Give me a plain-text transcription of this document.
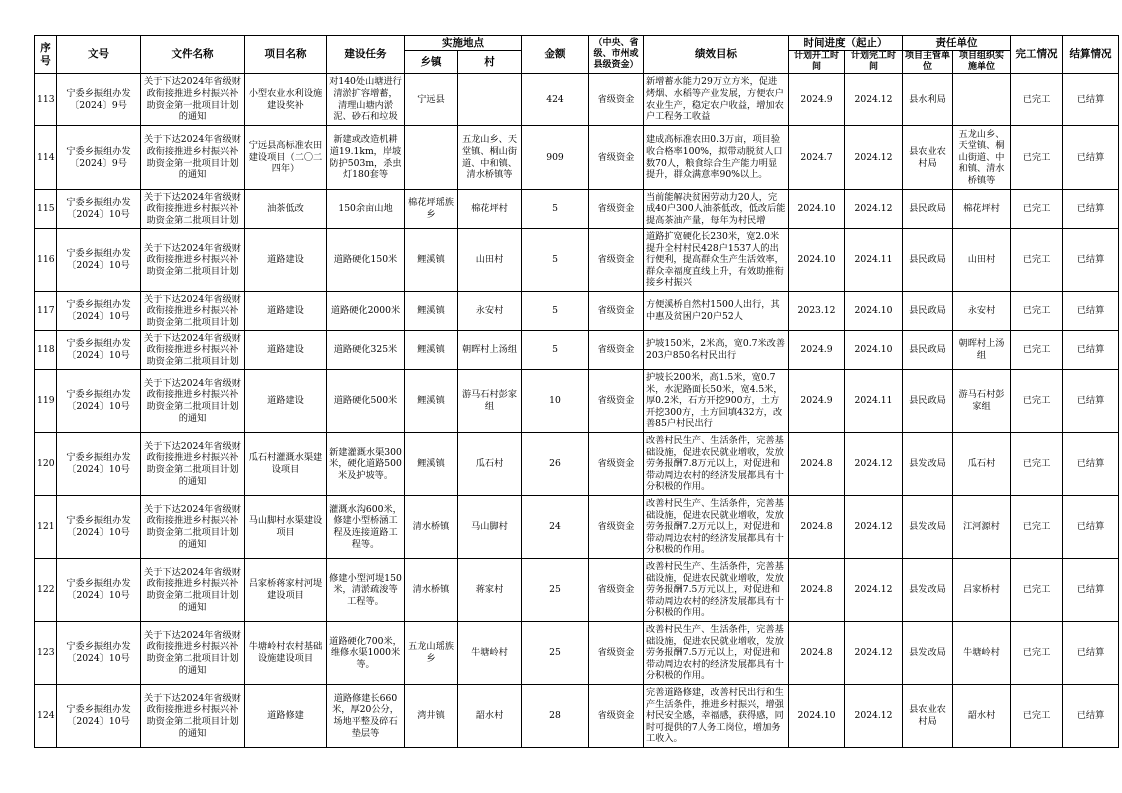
序号	文号	文件名称	项目名称	建设任务	实施地点		金额	（中央、省级、市州或县级资金）	绩效目标	时间进度（起止）		责任单位		完工情况	结算情况
					乡镇	村				计划开工时间	计划完工时间	项目主管单位	项目组织实施单位		
113	宁委乡振组办发〔2024〕9号	关于下达2024年省级财政衔接推进乡村振兴补助资金第一批项目计划的通知	小型农业水利设施建设奖补	对140处山塘进行清淤扩容增蓄，清理山塘内淤泥、砂石和垃圾	宁远县		424	省级资金	新增蓄水能力29万立方米，促进烤烟、水稻等产业发展，方便农户农业生产，稳定农户收益，增加农户工程务工收益	2024.9	2024.12	县水利局		已完工	已结算
114	宁委乡振组办发〔2024〕9号	关于下达2024年省级财政衔接推进乡村振兴补助资金第一批项目计划的通知	宁远县高标准农田建设项目（二〇二四年）	新建或改造机耕道19.1km，岸坡防护503m，杀虫灯180套等		五龙山乡、天堂镇、桐山街道、中和镇、清水桥镇等	909	省级资金	建成高标准农田0.3万亩，项目验收合格率100%，拟带动脱贫人口数70人，粮食综合生产能力明显提升，群众满意率90%以上。	2024.7	2024.12	县农业农村局	五龙山乡、天堂镇、桐山街道、中和镇、清水桥镇等	已完工	已结算
115	宁委乡振组办发〔2024〕10号	关于下达2024年省级财政衔接推进乡村振兴补助资金第二批项目计划	油茶低改	150余亩山地	棉花坪瑶族乡	棉花坪村	5	省级资金	当前能解决贫困劳动力20人，完成40户300人油茶低改，低改后能提高茶油产量，每年为村民增	2024.10	2024.12	县民政局	棉花坪村	已完工	已结算
116	宁委乡振组办发〔2024〕10号	关于下达2024年省级财政衔接推进乡村振兴补助资金第二批项目计划	道路建设	道路硬化150米	鲤溪镇	山田村	5	省级资金	道路扩宽硬化长230米，宽2.0米提升全村村民428户1537人的出行便利，提高群众生产生活效率，群众幸福度直线上升，有效助推衔接乡村振兴	2024.10	2024.11	县民政局	山田村	已完工	已结算
117	宁委乡振组办发〔2024〕10号	关于下达2024年省级财政衔接推进乡村振兴补助资金第二批项目计划	道路建设	道路硬化2000米	鲤溪镇	永安村	5	省级资金	方便溪桥自然村1500人出行，其中惠及贫困户20户52人	2023.12	2024.10	县民政局	永安村	已完工	已结算
118	宁委乡振组办发〔2024〕10号	关于下达2024年省级财政衔接推进乡村振兴补助资金第二批项目计划	道路建设	道路硬化325米	鲤溪镇	朝晖村上汤组	5	省级资金	护坡150米，2米高，宽0.7米改善203户850名村民出行	2024.9	2024.10	县民政局	朝晖村上汤组	已完工	已结算
119	宁委乡振组办发〔2024〕10号	关于下达2024年省级财政衔接推进乡村振兴补助资金第二批项目计划的通知	道路建设	道路硬化500米	鲤溪镇	游马石村彭家组	10	省级资金	护坡长200米，高1.5米，宽0.7米，水泥路面长50米，宽4.5米，厚0.2米，石方开挖900方，土方开挖300方，土方回填432方，改善85户村民出行	2024.9	2024.11	县民政局	游马石村彭家组	已完工	已结算
120	宁委乡振组办发〔2024〕10号	关于下达2024年省级财政衔接推进乡村振兴补助资金第二批项目计划的通知	瓜石村灌溉水渠建设项目	新建灌溉水渠300米，硬化道路500米及护坡等。	鲤溪镇	瓜石村	26	省级资金	改善村民生产、生活条件，完善基础设施，促进农民就业增收，发放劳务报酬7.8万元以上，对促进和带动周边农村的经济发展都具有十分积极的作用。	2024.8	2024.12	县发改局	瓜石村	已完工	已结算
121	宁委乡振组办发〔2024〕10号	关于下达2024年省级财政衔接推进乡村振兴补助资金第二批项目计划的通知	马山脚村水渠建设项目	灌溉水沟600米，修建小型桥涵工程及连接道路工程等。	清水桥镇	马山脚村	24	省级资金	改善村民生产、生活条件，完善基础设施，促进农民就业增收，发放劳务报酬7.2万元以上，对促进和带动周边农村的经济发展都具有十分积极的作用。	2024.8	2024.12	县发改局	江河源村	已完工	已结算
122	宁委乡振组办发〔2024〕10号	关于下达2024年省级财政衔接推进乡村振兴补助资金第二批项目计划的通知	吕家桥蒋家村河堤建设项目	修建小型河堤150米，清淤疏浚等工程等。	清水桥镇	蒋家村	25	省级资金	改善村民生产、生活条件，完善基础设施，促进农民就业增收，发放劳务报酬7.5万元以上，对促进和带动周边农村的经济发展都具有十分积极的作用。	2024.8	2024.12	县发改局	吕家桥村	已完工	已结算
123	宁委乡振组办发〔2024〕10号	关于下达2024年省级财政衔接推进乡村振兴补助资金第二批项目计划的通知	牛塘岭村农村基础设施建设项目	道路硬化700米，维修水渠1000米等。	五龙山瑶族乡	牛塘岭村	25	省级资金	改善村民生产、生活条件，完善基础设施，促进农民就业增收，发放劳务报酬7.5万元以上，对促进和带动周边农村的经济发展都具有十分积极的作用。	2024.8	2024.12	县发改局	牛塘岭村	已完工	已结算
124	宁委乡振组办发〔2024〕10号	关于下达2024年省级财政衔接推进乡村振兴补助资金第二批项目计划的通知	道路修建	道路修建长660米，厚20公分，场地平整及碎石垫层等	湾井镇	韶水村	28	省级资金	完善道路修建，改善村民出行和生产生活条件，推进乡村振兴，增强村民安全感，幸福感，获得感，同时可提供的7人务工岗位，增加务工收入。	2024.10	2024.12	县农业农村局	韶水村	已完工	已结算
